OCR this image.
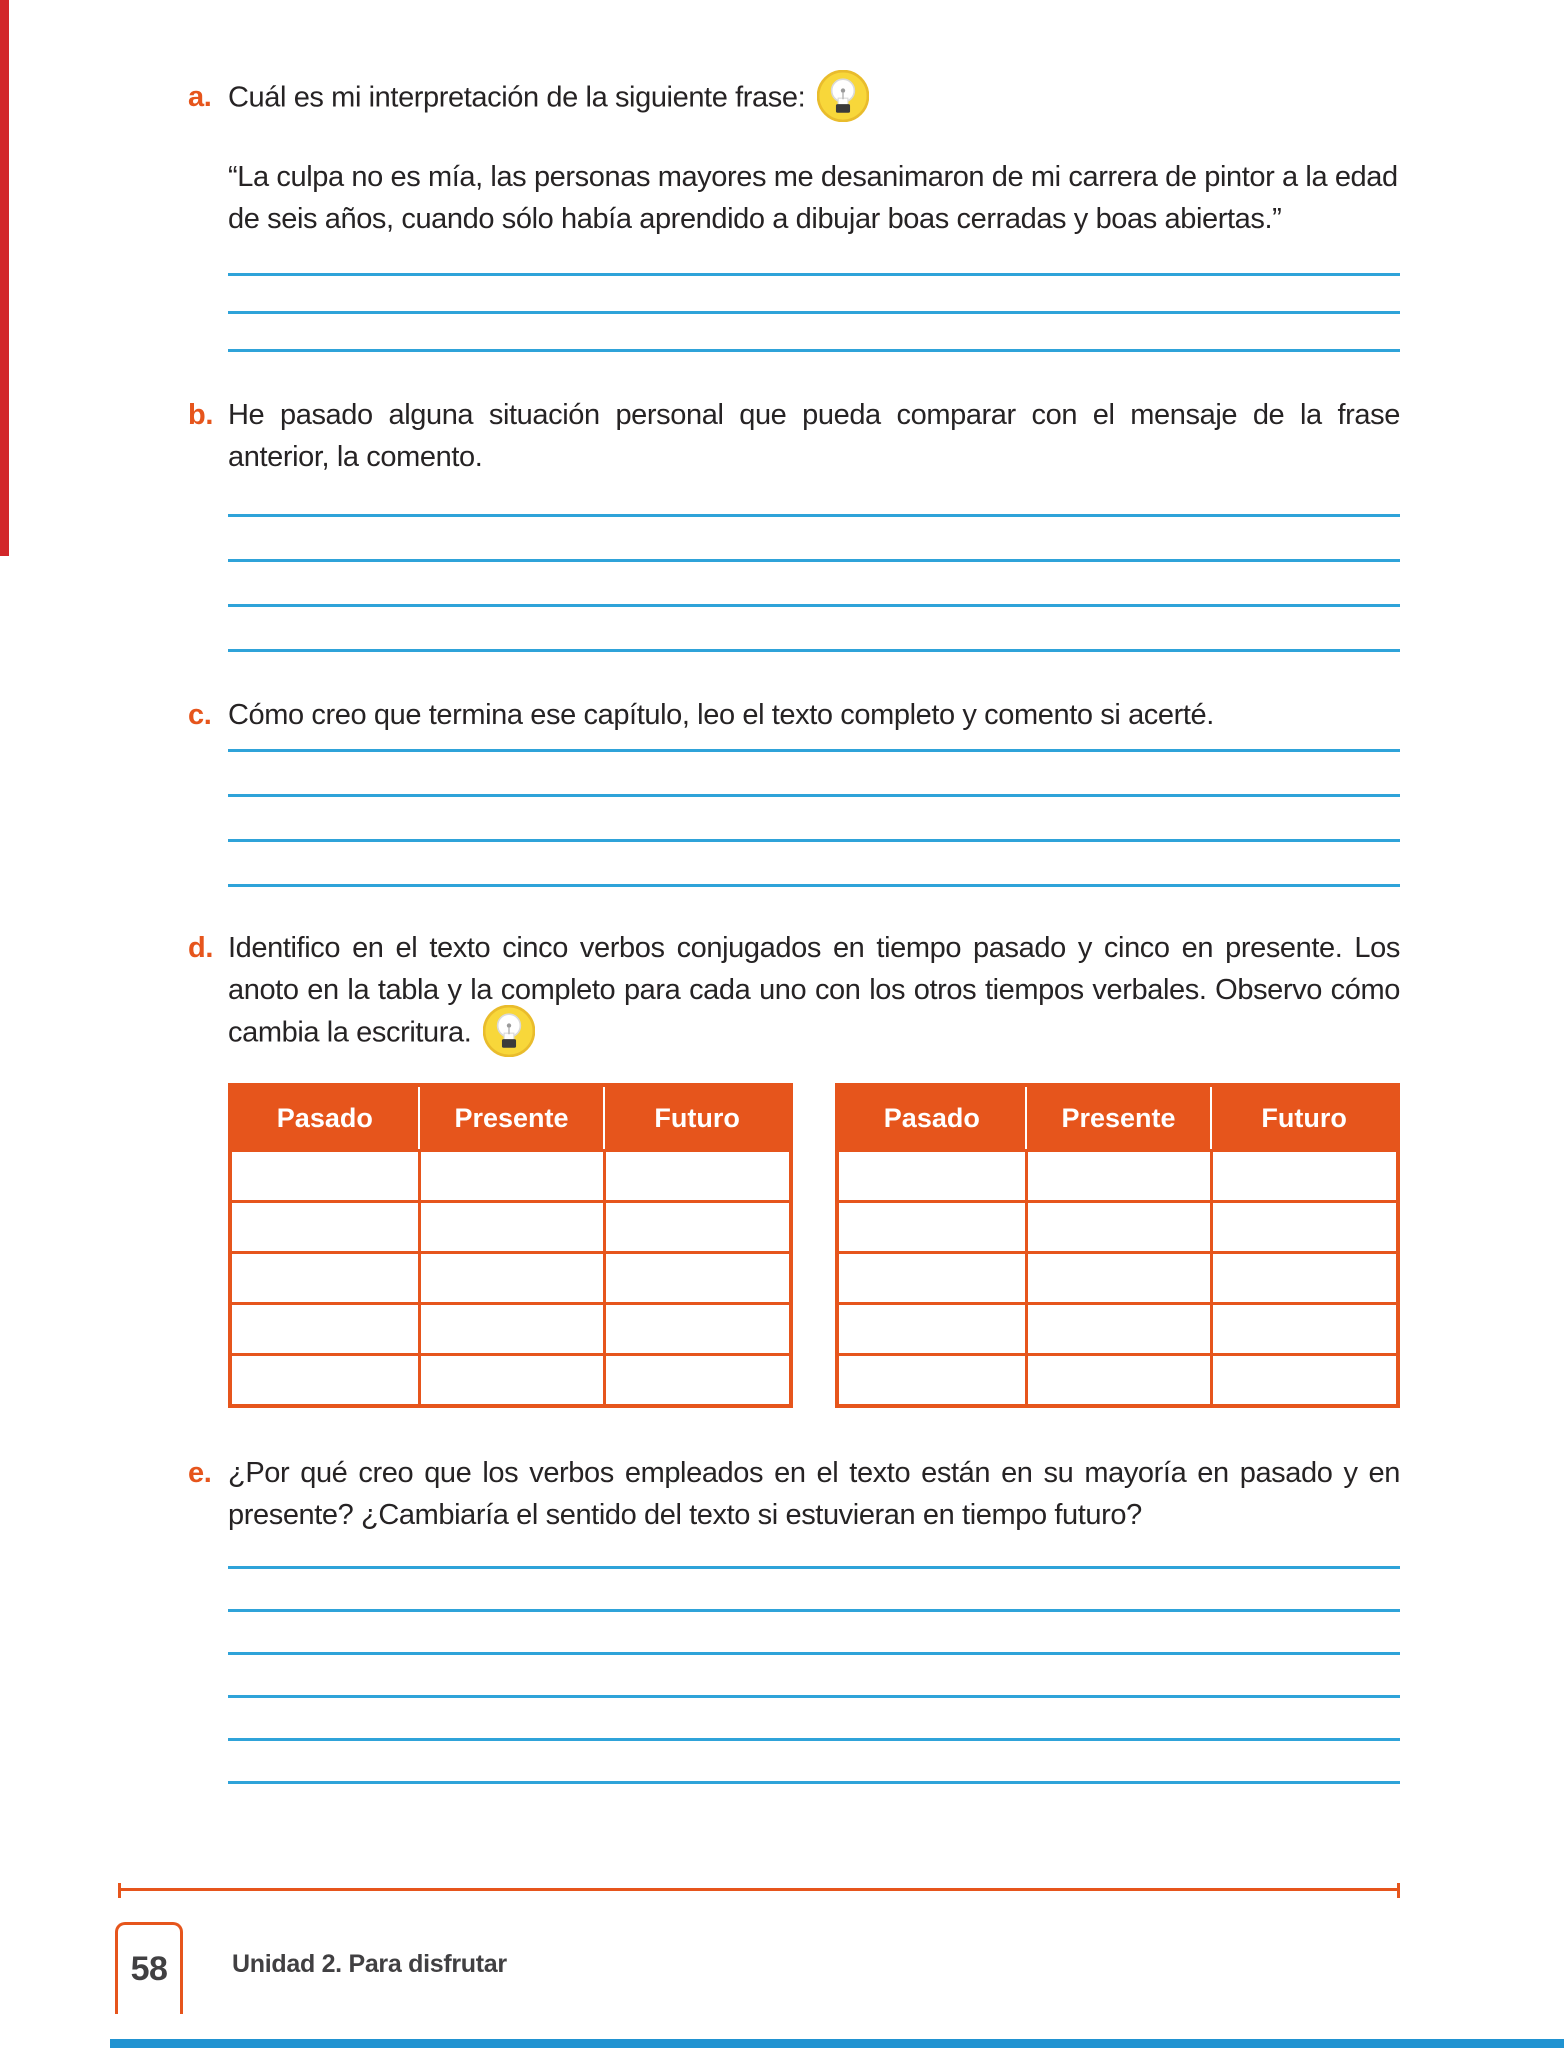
a. Cuál es mi interpretación de la siguiente frase:
“La culpa no es mía, las personas mayores me desanimaron de mi carrera de pintor a la edad de seis años, cuando sólo había aprendido a dibujar boas cerradas y boas abiertas.”
b. He pasado alguna situación personal que pueda comparar con el mensaje de la frase anterior, la comento.
c. Cómo creo que termina ese capítulo, leo el texto completo y comento si acerté.
d. Identifico en el texto cinco verbos conjugados en tiempo pasado y cinco en presente. Los anoto en la tabla y la completo para cada uno con los otros tiempos verbales. Observo cómo cambia la escritura.
Pasado	Presente	Futuro

			Pasado	Presente	Futuro

e. ¿Por qué creo que los verbos empleados en el texto están en su mayoría en pasado y en presente? ¿Cambiaría el sentido del texto si estuvieran en tiempo futuro?
58	Unidad 2. Para disfrutar
